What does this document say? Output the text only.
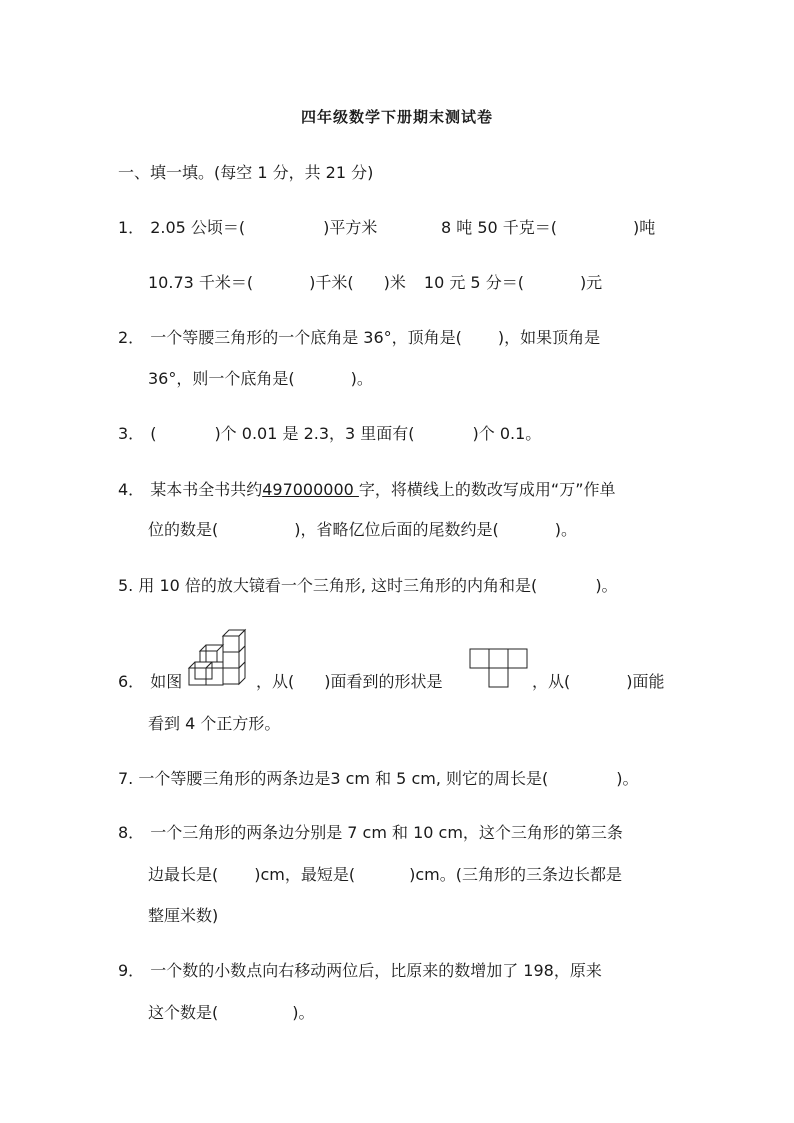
四年级数学下册期末测试卷
一、填一填。(每空 1 分，共 21 分)
1． 2.05 公顷＝(	)平方米	8 吨 50 千克＝(	)吨
10.73 千米＝(	)千米( )米 10 元 5 分＝(	)元
2． 一个等腰三角形的一个底角是 36°，顶角是( )，如果顶角是
36°，则一个底角是(	)。
3． (	)个 0.01 是 2.3，3 里面有(	)个 0.1。
4． 某本书全书共约497000000 字，将横线上的数改写成用“万”作单
位的数是(	)，省略亿位后面的尾数约是(	)。
5. 用 10 倍的放大镜看一个三角形, 这时三角形的内角和是(	)。
6． 如图	，从( )面看到的形状是	，从(	)面能
看到 4 个正方形。
7. 一个等腰三角形的两条边是3 cm 和 5 cm, 则它的周长是(	)。
8． 一个三角形的两条边分别是 7 cm 和 10 cm，这个三角形的第三条
边最长是( )cm，最短是(	)cm。(三角形的三条边长都是
整厘米数)
9． 一个数的小数点向右移动两位后，比原来的数增加了 198，原来
这个数是(	)。
